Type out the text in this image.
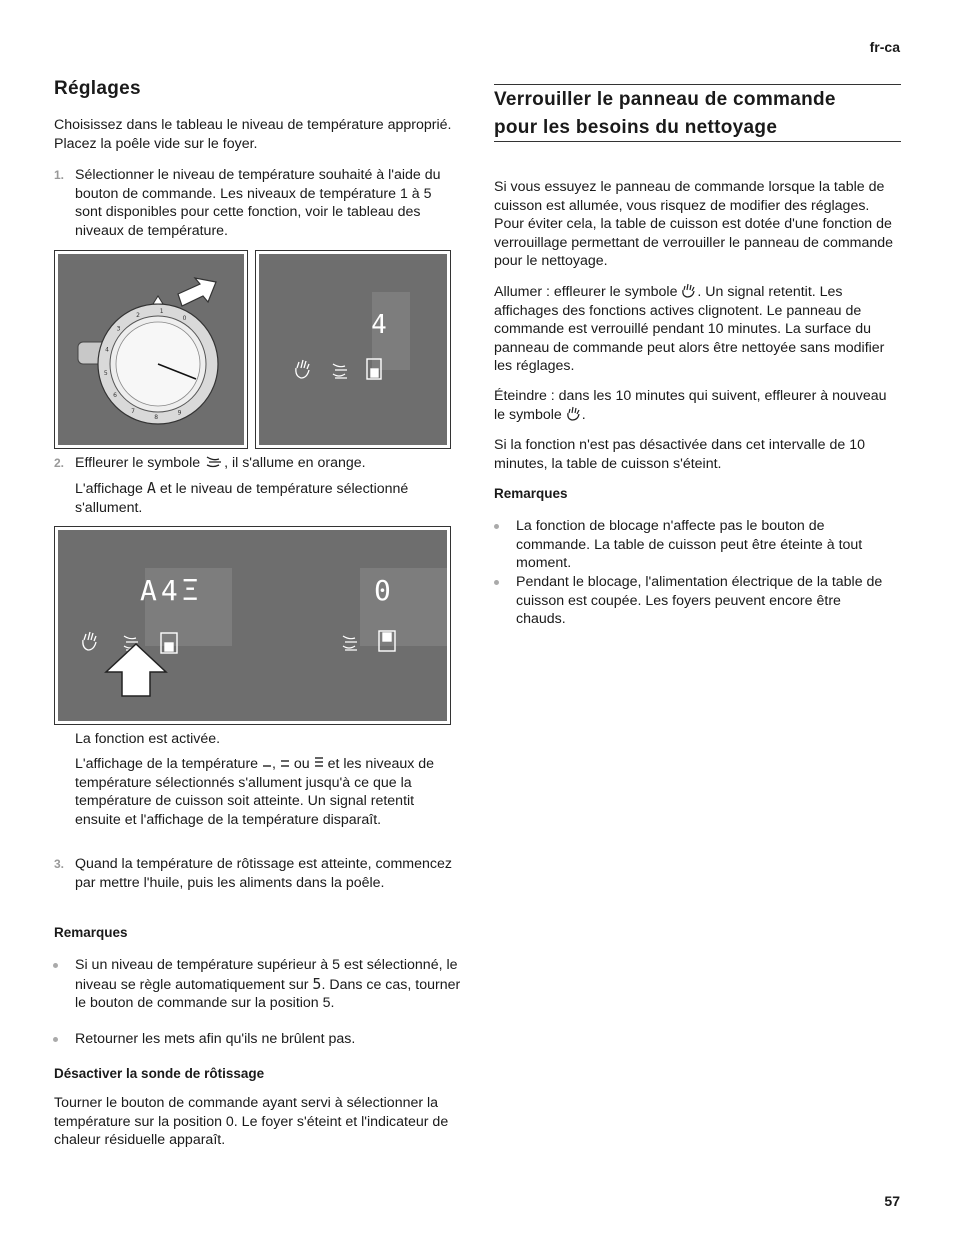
fr-ca
Réglages
Choisissez dans le tableau le niveau de température approprié. Placez la poêle vide sur le foyer.
1. Sélectionner le niveau de température souhaité à l'aide du bouton de commande. Les niveaux de température 1 à 5 sont disponibles pour cette fonction, voir le tableau des niveaux de température.
0
1
2
3
4
5
6
7
8
9
4
2. Effleurer le symbole , il s'allume en orange.
L'affichage A et le niveau de température sélectionné s'allument.
A4Ξ	0
La fonction est activée.
L'affichage de la température , ou et les niveaux de température sélectionnés s'allument jusqu'à ce que la température de cuisson soit atteinte. Un signal retentit ensuite et l'affichage de la température disparaît.
3. Quand la température de rôtissage est atteinte, commencez par mettre l'huile, puis les aliments dans la poêle.
Remarques
Si un niveau de température supérieur à 5 est sélectionné, le niveau se règle automatiquement sur 5. Dans ce cas, tourner le bouton de commande sur la position 5.
Retourner les mets afin qu'ils ne brûlent pas.
Désactiver la sonde de rôtissage
Tourner le bouton de commande ayant servi à sélectionner la température sur la position 0. Le foyer s'éteint et l'indicateur de chaleur résiduelle apparaît.
Verrouiller le panneau de commande
pour les besoins du nettoyage
Si vous essuyez le panneau de commande lorsque la table de cuisson est allumée, vous risquez de modifier des réglages. Pour éviter cela, la table de cuisson est dotée d'une fonction de verrouillage permettant de verrouiller le panneau de commande pour le nettoyage.
Allumer : effleurer le symbole . Un signal retentit. Les affichages des fonctions actives clignotent. Le panneau de commande est verrouillé pendant 10 minutes. La surface du panneau de commande peut alors être nettoyée sans modifier les réglages.
Éteindre : dans les 10 minutes qui suivent, effleurer à nouveau le symbole .
Si la fonction n'est pas désactivée dans cet intervalle de 10 minutes, la table de cuisson s'éteint.
Remarques
La fonction de blocage n'affecte pas le bouton de commande. La table de cuisson peut être éteinte à tout moment.
Pendant le blocage, l'alimentation électrique de la table de cuisson est coupée. Les foyers peuvent encore être chauds.
57
